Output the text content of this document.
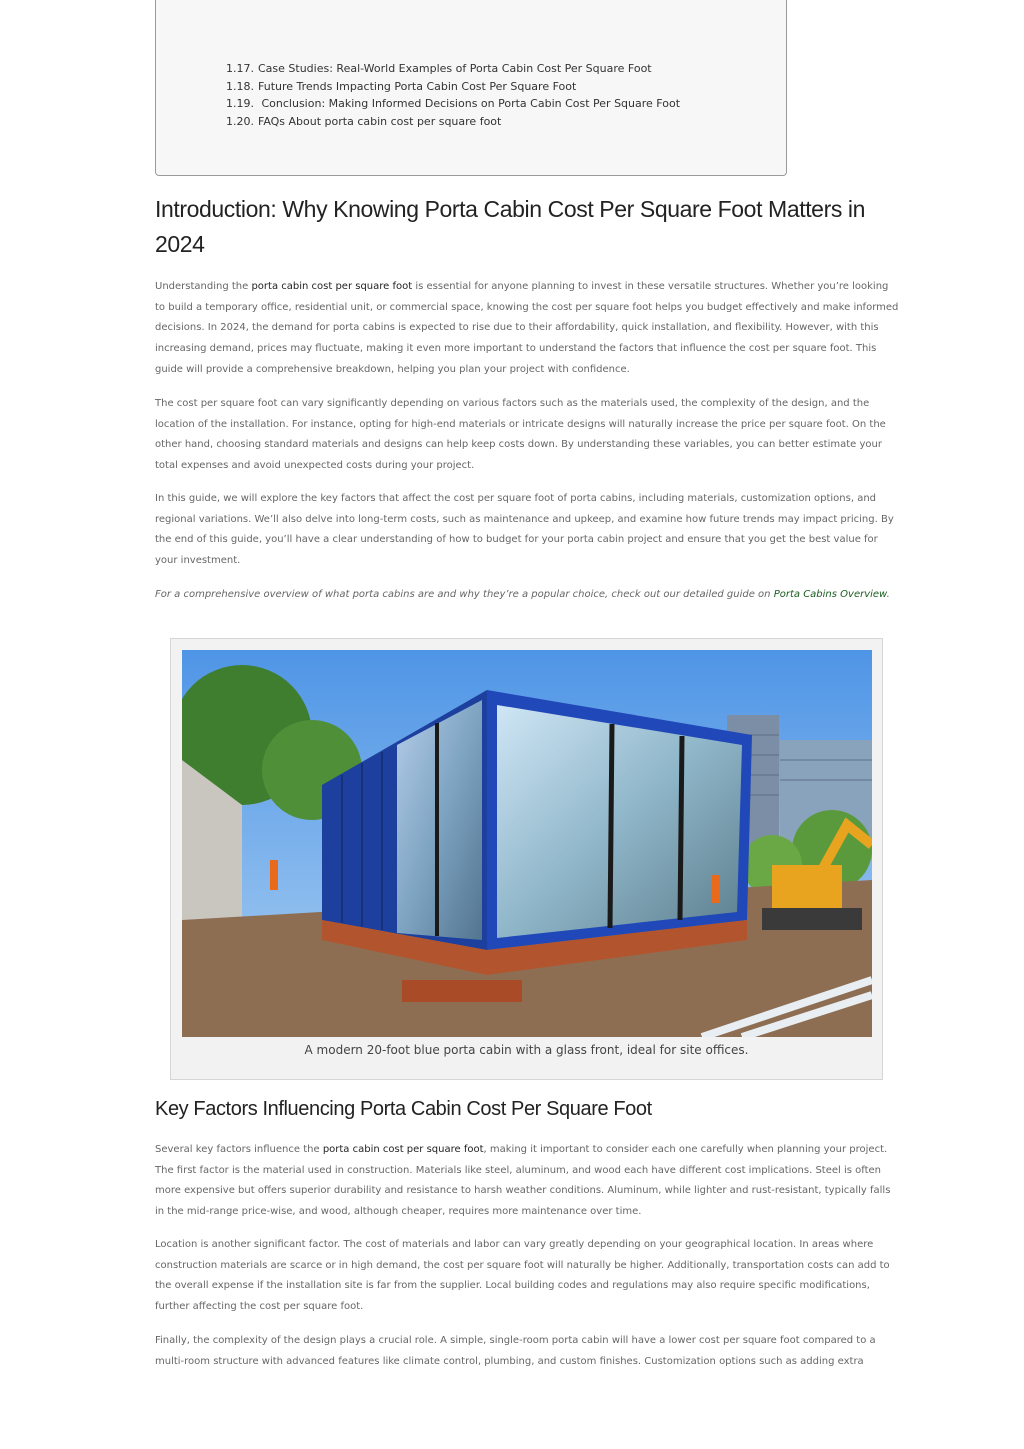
1.17. Case Studies: Real-World Examples of Porta Cabin Cost Per Square Foot
1.18. Future Trends Impacting Porta Cabin Cost Per Square Foot
1.19. Conclusion: Making Informed Decisions on Porta Cabin Cost Per Square Foot
1.20. FAQs About porta cabin cost per square foot
Introduction: Why Knowing Porta Cabin Cost Per Square Foot Matters in 2024

Understanding the porta cabin cost per square foot is essential for anyone planning to invest in these versatile structures. Whether you’re looking to build a temporary office, residential unit, or commercial space, knowing the cost per square foot helps you budget effectively and make informed decisions. In 2024, the demand for porta cabins is expected to rise due to their affordability, quick installation, and flexibility. However, with this increasing demand, prices may fluctuate, making it even more important to understand the factors that influence the cost per square foot. This guide will provide a comprehensive breakdown, helping you plan your project with confidence.

The cost per square foot can vary significantly depending on various factors such as the materials used, the complexity of the design, and the location of the installation. For instance, opting for high-end materials or intricate designs will naturally increase the price per square foot. On the other hand, choosing standard materials and designs can help keep costs down. By understanding these variables, you can better estimate your total expenses and avoid unexpected costs during your project.

In this guide, we will explore the key factors that affect the cost per square foot of porta cabins, including materials, customization options, and regional variations. We’ll also delve into long-term costs, such as maintenance and upkeep, and examine how future trends may impact pricing. By the end of this guide, you’ll have a clear understanding of how to budget for your porta cabin project and ensure that you get the best value for your investment.

For a comprehensive overview of what porta cabins are and why they’re a popular choice, check out our detailed guide on Porta Cabins Overview.

A modern 20-foot blue porta cabin with a glass front, ideal for site offices.
Key Factors Influencing Porta Cabin Cost Per Square Foot

Several key factors influence the porta cabin cost per square foot, making it important to consider each one carefully when planning your project. The first factor is the material used in construction. Materials like steel, aluminum, and wood each have different cost implications. Steel is often more expensive but offers superior durability and resistance to harsh weather conditions. Aluminum, while lighter and rust-resistant, typically falls in the mid-range price-wise, and wood, although cheaper, requires more maintenance over time.

Location is another significant factor. The cost of materials and labor can vary greatly depending on your geographical location. In areas where construction materials are scarce or in high demand, the cost per square foot will naturally be higher. Additionally, transportation costs can add to the overall expense if the installation site is far from the supplier. Local building codes and regulations may also require specific modifications, further affecting the cost per square foot.

Finally, the complexity of the design plays a crucial role. A simple, single-room porta cabin will have a lower cost per square foot compared to a multi-room structure with advanced features like climate control, plumbing, and custom finishes. Customization options such as adding extra
